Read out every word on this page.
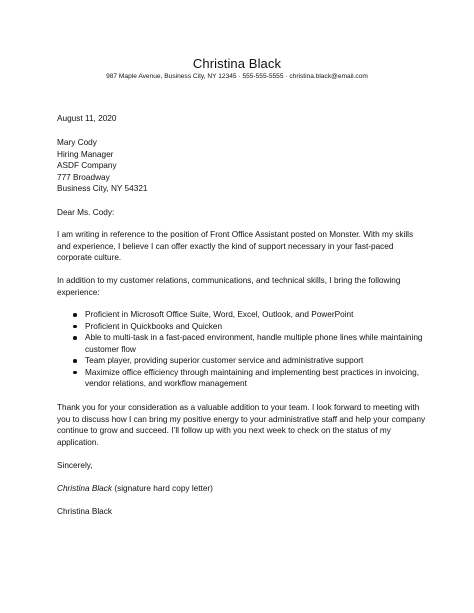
Christina Black
987 Maple Avenue, Business City, NY 12345 · 555-555-5555 · christina.black@email.com
August 11, 2020
Mary Cody
Hiring Manager
ASDF Company
777 Broadway
Business City, NY 54321
Dear Ms. Cody:

I am writing in reference to the position of Front Office Assistant posted on Monster. With my skills and experience, I believe I can offer exactly the kind of support necessary in your fast-paced corporate culture.

In addition to my customer relations, communications, and technical skills, I bring the following experience:

Proficient in Microsoft Office Suite, Word, Excel, Outlook, and PowerPoint
Proficient in Quickbooks and Quicken
Able to multi-task in a fast-paced environment, handle multiple phone lines while maintaining customer flow
Team player, providing superior customer service and administrative support
Maximize office efficiency through maintaining and implementing best practices in invoicing, vendor relations, and workflow management

Thank you for your consideration as a valuable addition to your team. I look forward to meeting with you to discuss how I can bring my positive energy to your administrative staff and help your company continue to grow and succeed. I’ll follow up with you next week to check on the status of my application.

Sincerely,
Christina Black (signature hard copy letter)
Christina Black
